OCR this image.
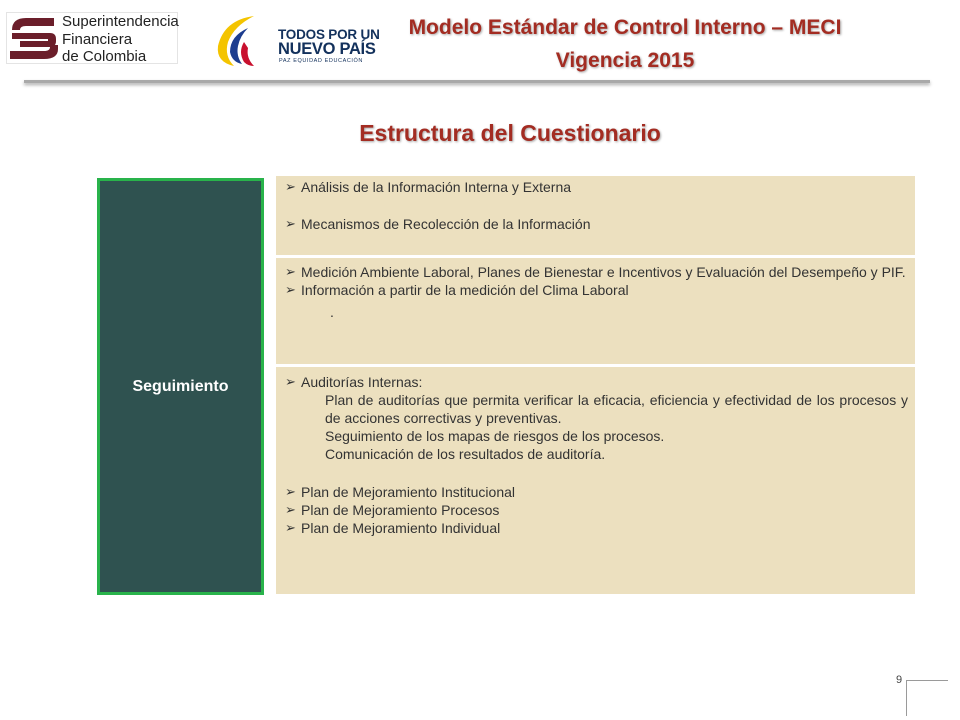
Superintendencia
Financiera
de Colombia
TODOS POR UN
NUEVO PAÍS
PAZ EQUIDAD EDUCACIÓN
Modelo Estándar de Control Interno – MECI
Vigencia 2015
Estructura del Cuestionario
Seguimiento
➢ Análisis de la Información Interna y Externa
➢ Mecanismos de Recolección de la Información
➢ Medición Ambiente Laboral, Planes de Bienestar e Incentivos y Evaluación del Desempeño y PIF.
➢ Información a partir de la medición del Clima Laboral
.
➢ Auditorías Internas:
Plan de auditorías que permita verificar la eficacia, eficiencia y efectividad de los procesos y de acciones correctivas y preventivas.
Seguimiento de los mapas de riesgos de los procesos.
Comunicación de los resultados de auditoría.
➢ Plan de Mejoramiento Institucional
➢ Plan de Mejoramiento Procesos
➢ Plan de Mejoramiento Individual
9
